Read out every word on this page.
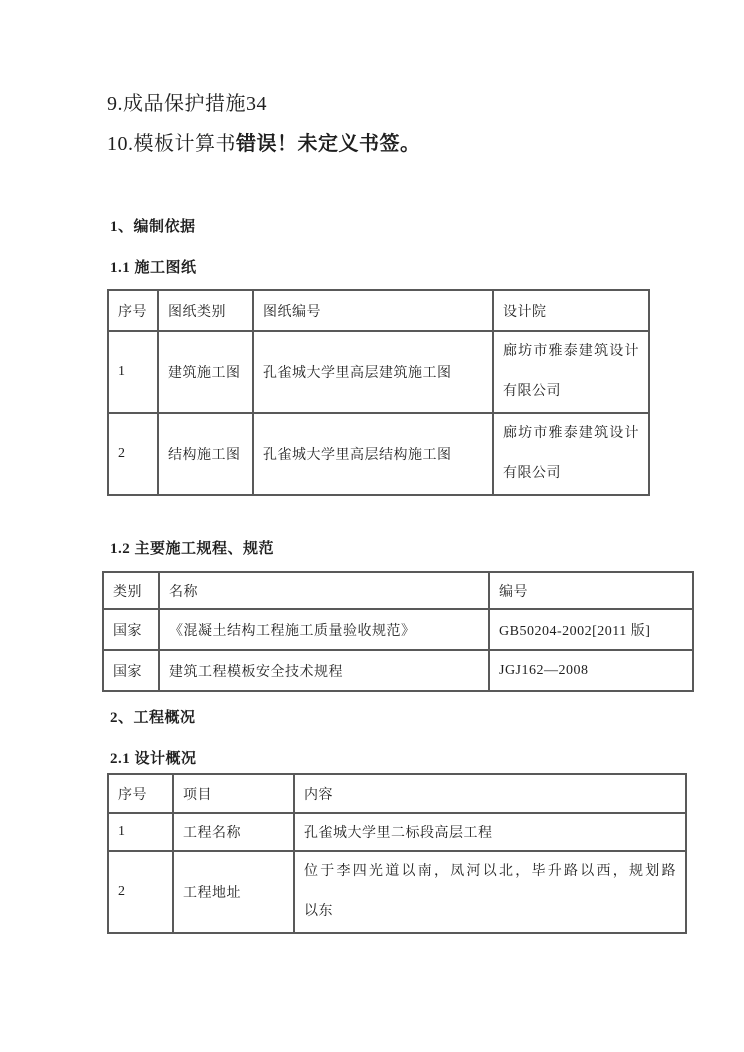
9.成品保护措施34
10.模板计算书错误！未定义书签。
1、编制依据
1.1 施工图纸
序号	图纸类别	图纸编号	设计院
1	建筑施工图	孔雀城大学里高层建筑施工图	廊坊市雅泰建筑设计
有限公司

2	结构施工图	孔雀城大学里高层结构施工图	廊坊市雅泰建筑设计
有限公司
1.2 主要施工规程、规范
类别	名称	编号
国家	《混凝土结构工程施工质量验收规范》	GB50204-2002[2011 版]
国家	建筑工程模板安全技术规程	JGJ162—2008
2、工程概况
2.1 设计概况
序号	项目	内容
1	工程名称	孔雀城大学里二标段高层工程
2	工程地址	位于李四光道以南，凤河以北，毕升路以西，规划路
以东
